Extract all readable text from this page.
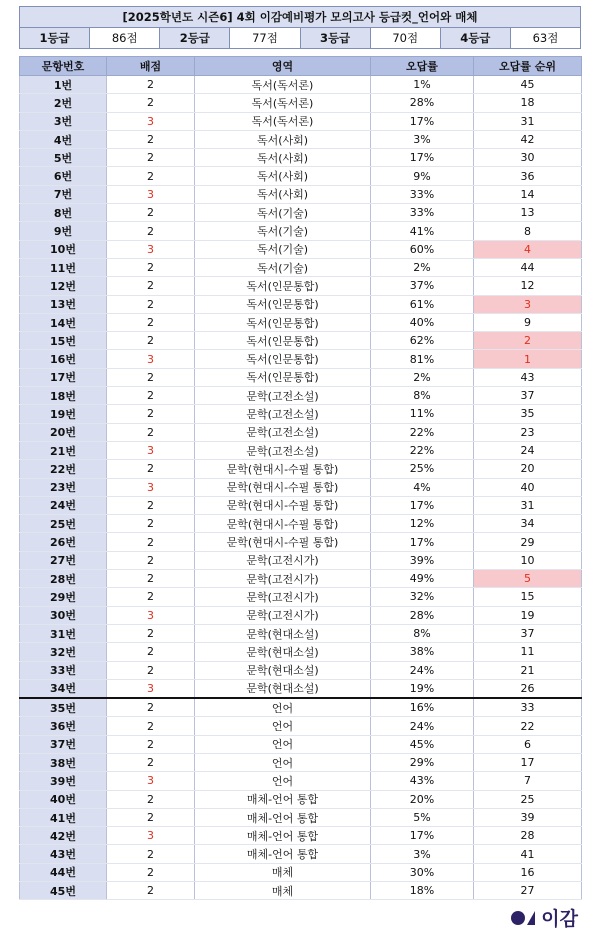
[2025학년도 시즌6] 4회 이감예비평가 모의고사 등급컷_언어와 매체
1등급	86점	2등급	77점	3등급	70점	4등급	63점
문항번호	배점	영역	오답률	오답률 순위
1번	2	독서(독서론)	1%	45
2번	2	독서(독서론)	28%	18
3번	3	독서(독서론)	17%	31
4번	2	독서(사회)	3%	42
5번	2	독서(사회)	17%	30
6번	2	독서(사회)	9%	36
7번	3	독서(사회)	33%	14
8번	2	독서(기술)	33%	13
9번	2	독서(기술)	41%	8
10번	3	독서(기술)	60%	4
11번	2	독서(기술)	2%	44
12번	2	독서(인문통합)	37%	12
13번	2	독서(인문통합)	61%	3
14번	2	독서(인문통합)	40%	9
15번	2	독서(인문통합)	62%	2
16번	3	독서(인문통합)	81%	1
17번	2	독서(인문통합)	2%	43
18번	2	문학(고전소설)	8%	37
19번	2	문학(고전소설)	11%	35
20번	2	문학(고전소설)	22%	23
21번	3	문학(고전소설)	22%	24
22번	2	문학(현대시-수필 통합)	25%	20
23번	3	문학(현대시-수필 통합)	4%	40
24번	2	문학(현대시-수필 통합)	17%	31
25번	2	문학(현대시-수필 통합)	12%	34
26번	2	문학(현대시-수필 통합)	17%	29
27번	2	문학(고전시가)	39%	10
28번	2	문학(고전시가)	49%	5
29번	2	문학(고전시가)	32%	15
30번	3	문학(고전시가)	28%	19
31번	2	문학(현대소설)	8%	37
32번	2	문학(현대소설)	38%	11
33번	2	문학(현대소설)	24%	21
34번	3	문학(현대소설)	19%	26
35번	2	언어	16%	33
36번	2	언어	24%	22
37번	2	언어	45%	6
38번	2	언어	29%	17
39번	3	언어	43%	7
40번	2	매체-언어 통합	20%	25
41번	2	매체-언어 통합	5%	39
42번	3	매체-언어 통합	17%	28
43번	2	매체-언어 통합	3%	41
44번	2	매체	30%	16
45번	2	매체	18%	27
이감
